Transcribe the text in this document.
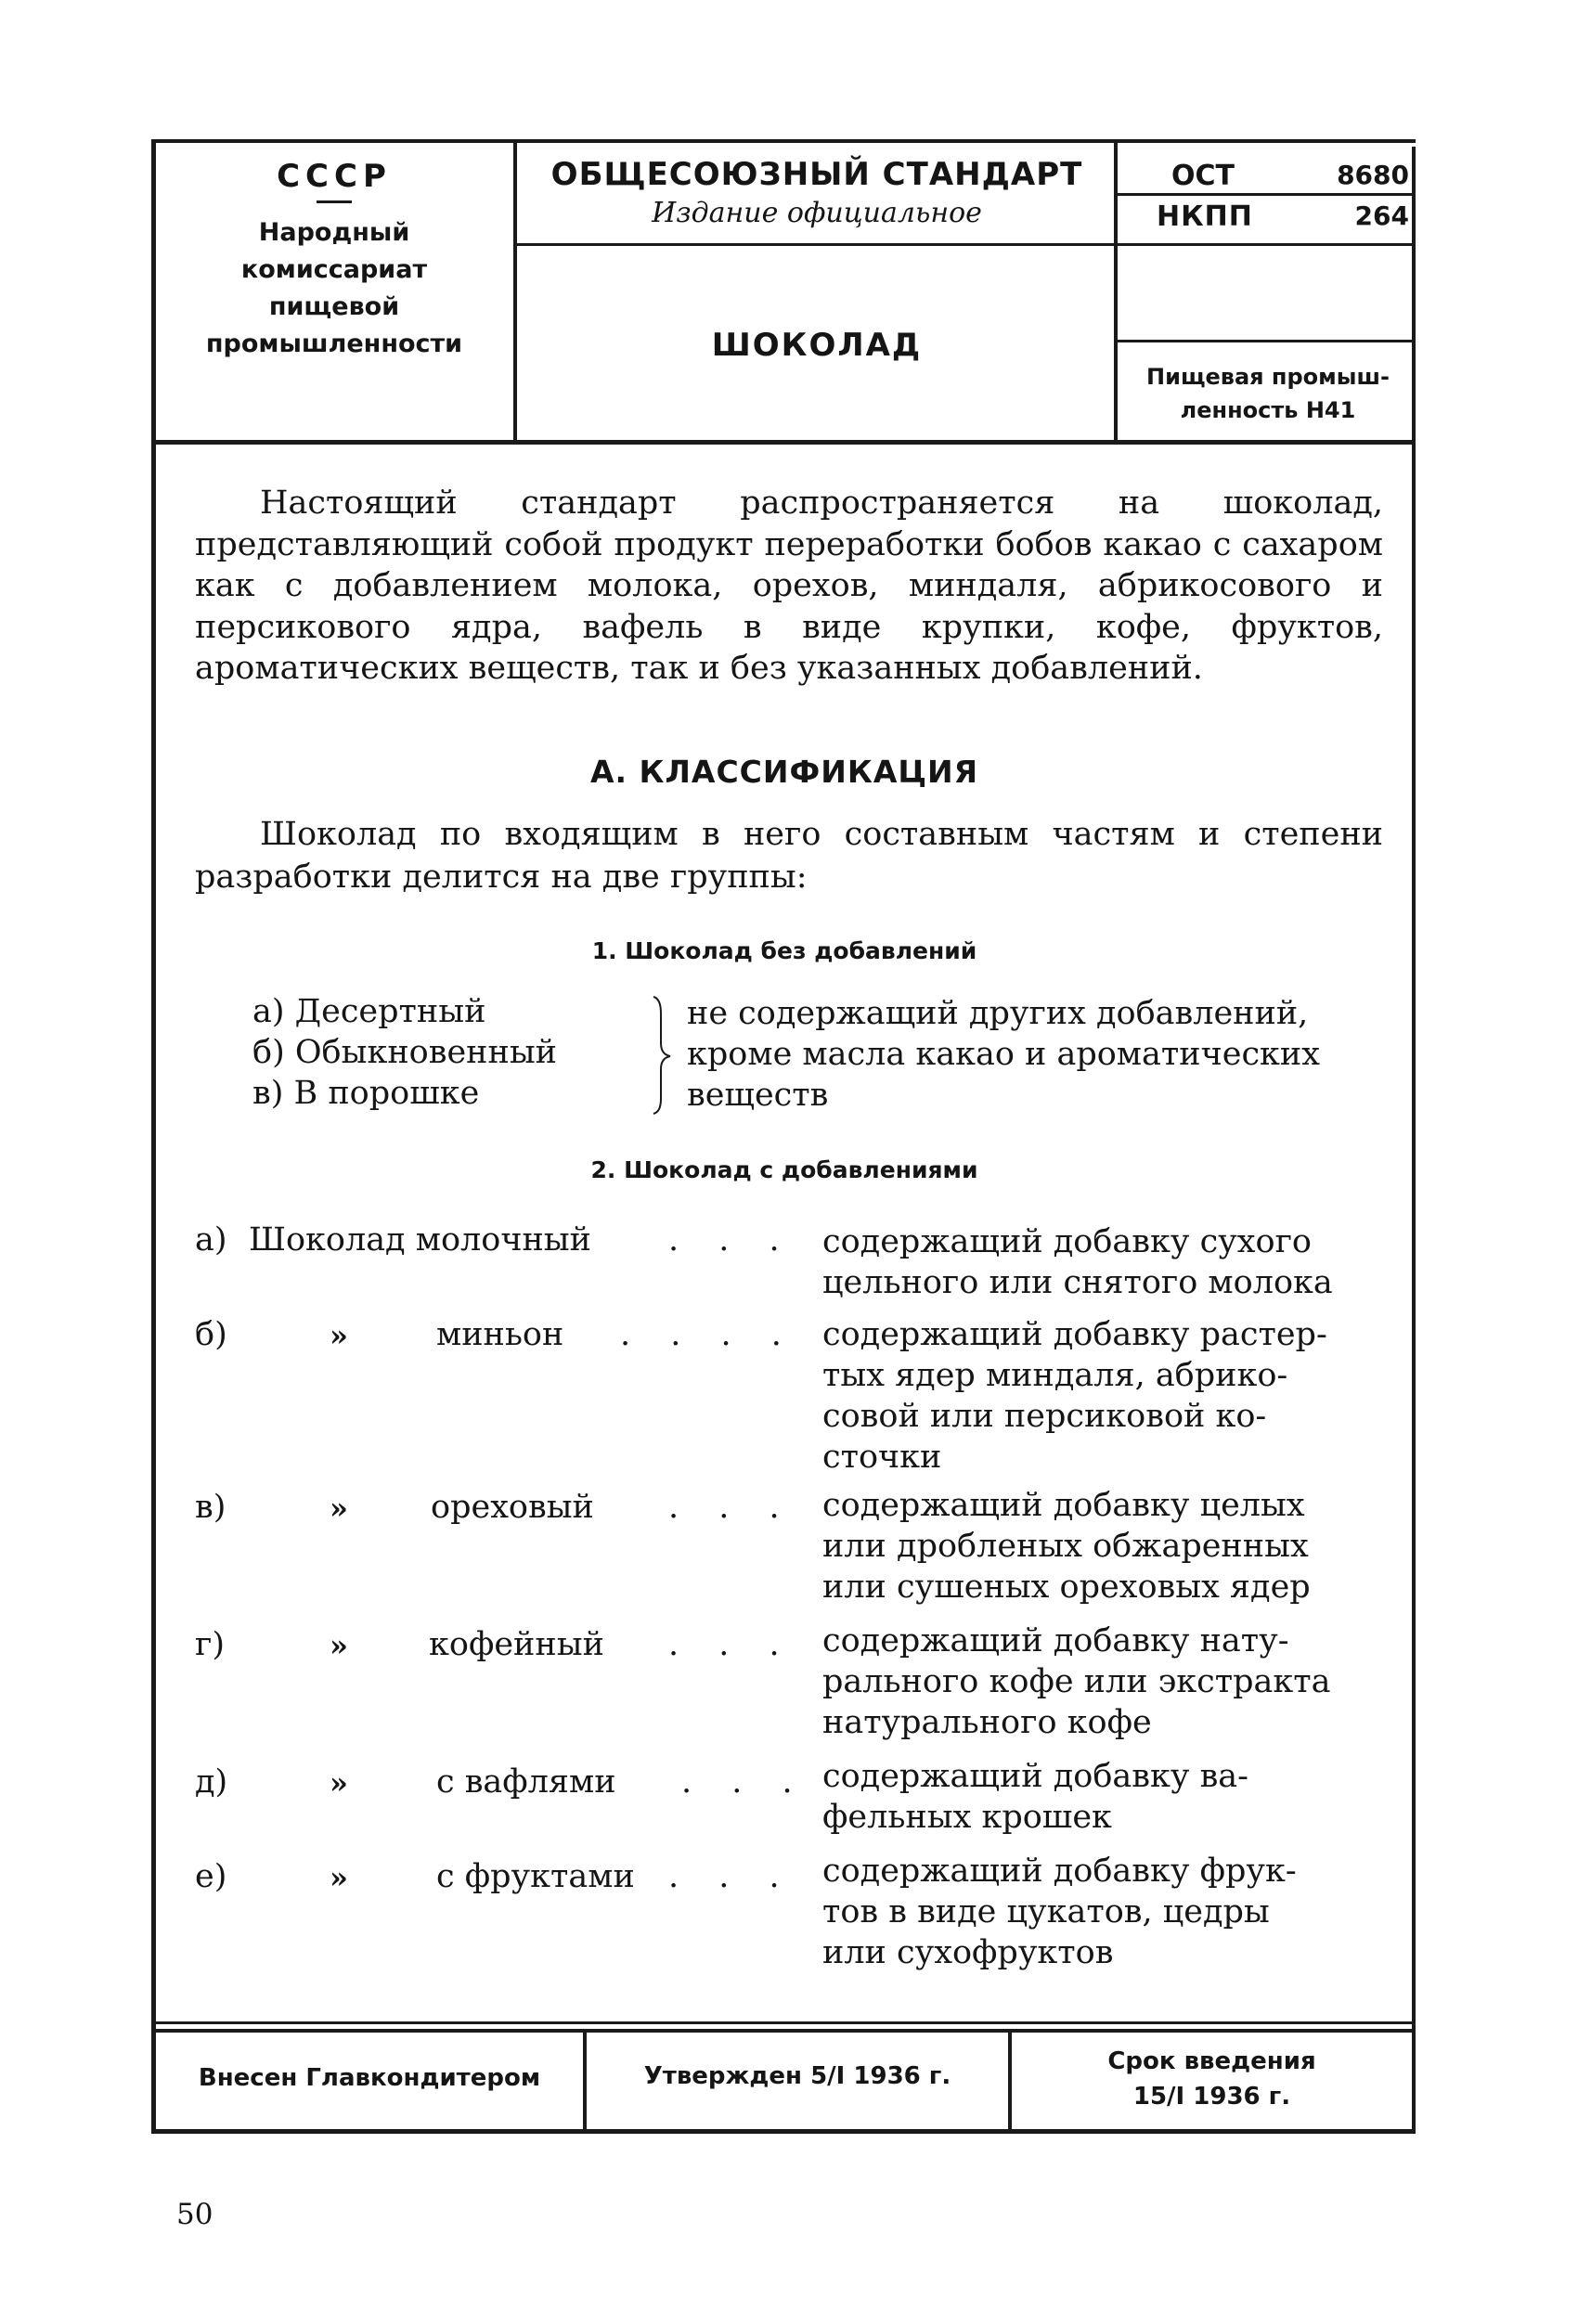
СССР
Народный
комиссариат
пищевой
промышленности
ОБЩЕСОЮЗНЫЙ СТАНДАРТ
Издание официальное
ШОКОЛАД
ОСТ	8680
НКПП	264
Пищевая промыш-
ленность Н41
Настоящий стандарт распространяется на шоколад, представляющий собой продукт переработки бобов какао с сахаром как с добавлением молока, орехов, миндаля, абрикосового и персикового ядра, вафель в виде крупки, кофе, фруктов, ароматических веществ, так и без указанных добавлений.
А. КЛАССИФИКАЦИЯ
Шоколад по входящим в него составным частям и степени разработки делится на две группы:
1. Шоколад без добавлений
а) Десертный
б) Обыкновенный
в) В порошке
не содержащий других добавлений,
кроме масла какао и ароматических
веществ
2. Шоколад с добавлениями
а) Шоколад молочный . . . содержащий добавку сухого
цельного или снятого молока
б)	»	миньон . . . . содержащий добавку растер-
тых ядер миндаля, абрико-
совой или персиковой ко-
сточки
в)	»	ореховый . . . содержащий добавку целых
или дробленых обжаренных
или сушеных ореховых ядер
г)	» кофейный . . . содержащий добавку нату-
рального кофе или экстракта
натурального кофе
д)	»	с вафлями . . . содержащий добавку ва-
фельных крошек
е)	»	с фруктами . . . содержащий добавку фрук-
тов в виде цукатов, цедры
или сухофруктов
Внесен Главкондитером	Утвержден 5/I 1936 г.
Срок введения
15/I 1936 г.
50
